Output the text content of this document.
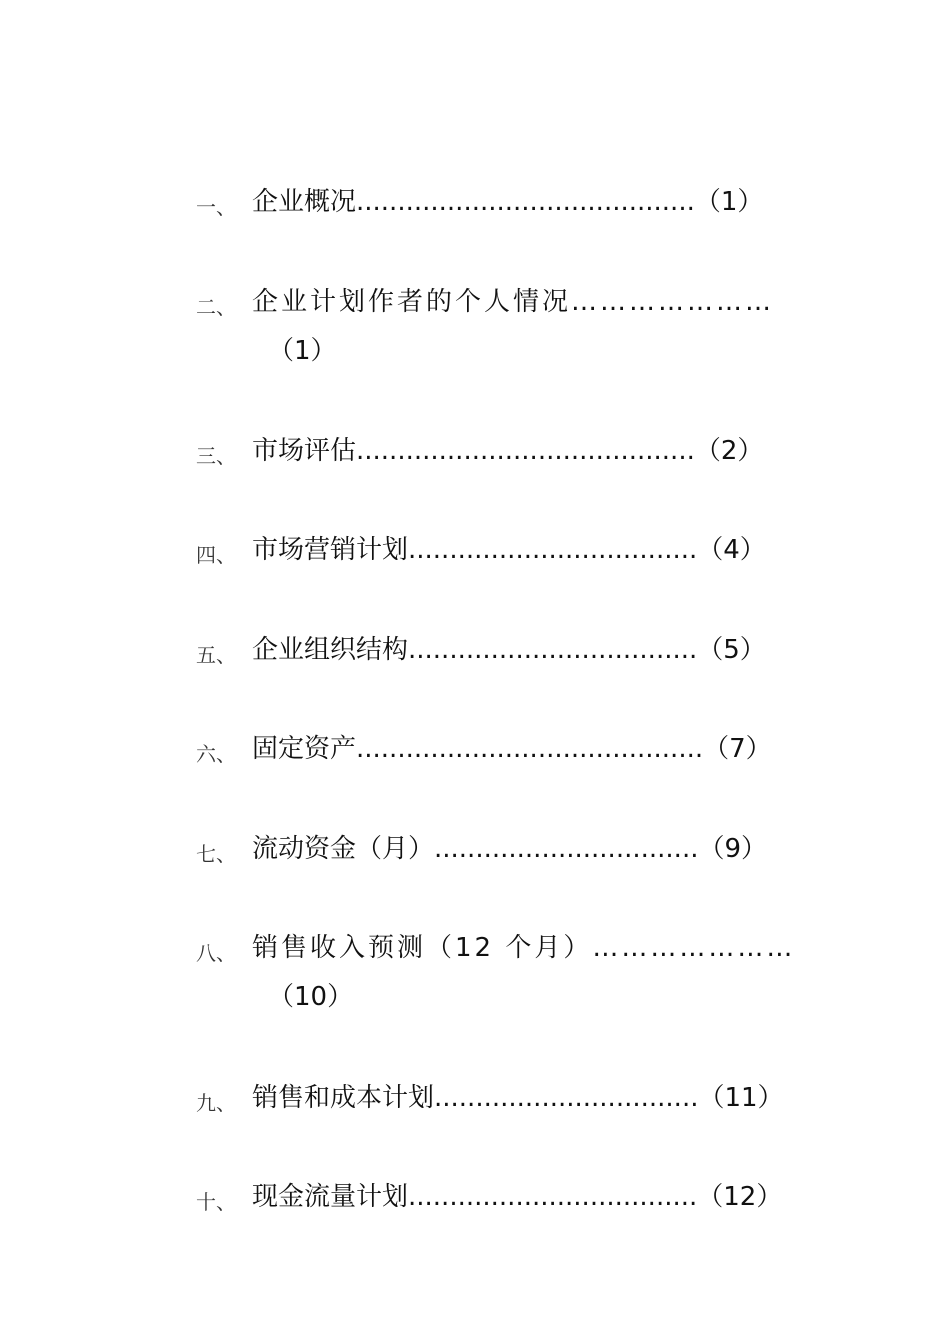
一、 企业概况.........................................（1）
二、 企业计划作者的个人情况…………………
（1）
三、 市场评估.........................................（2）
四、 市场营销计划...................................（4）
五、 企业组织结构...................................（5）
六、 固定资产..........................................（7）
七、 流动资金（月）................................（9）
八、 销售收入预测（12 个月）…………………
（10）
九、 销售和成本计划................................（11）
十、 现金流量计划...................................（12）
